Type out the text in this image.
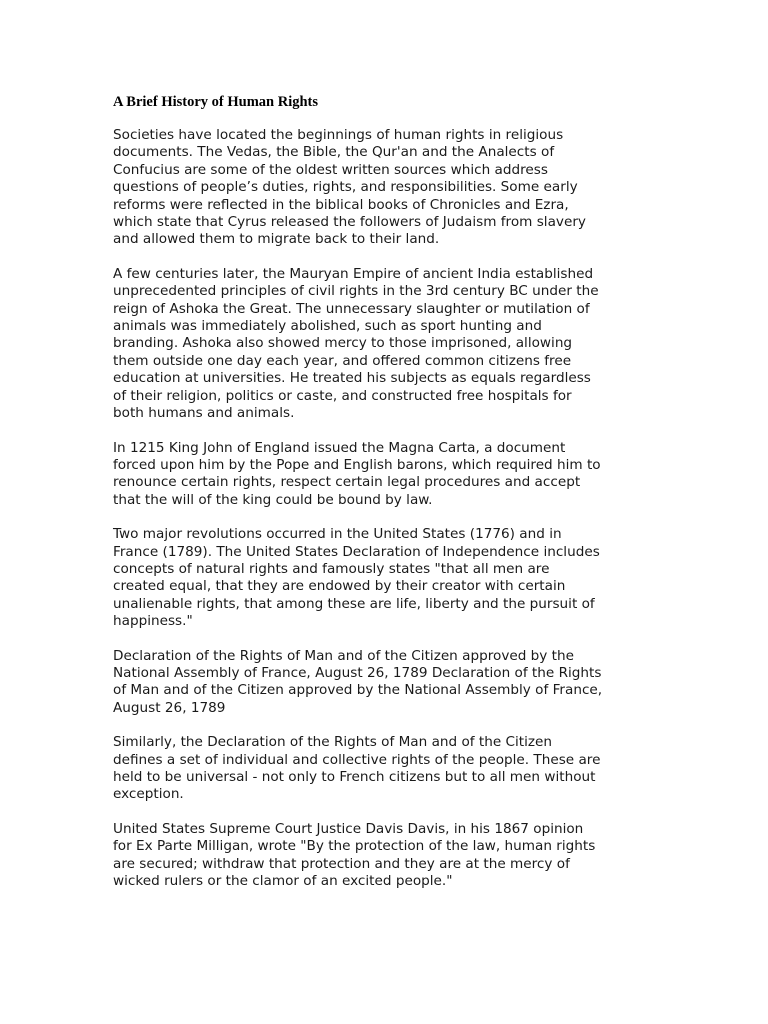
A Brief History of Human Rights

Societies have located the beginnings of human rights in religious
documents. The Vedas, the Bible, the Qur'an and the Analects of
Confucius are some of the oldest written sources which address
questions of people’s duties, rights, and responsibilities. Some early
reforms were reflected in the biblical books of Chronicles and Ezra,
which state that Cyrus released the followers of Judaism from slavery
and allowed them to migrate back to their land.

A few centuries later, the Mauryan Empire of ancient India established
unprecedented principles of civil rights in the 3rd century BC under the
reign of Ashoka the Great. The unnecessary slaughter or mutilation of
animals was immediately abolished, such as sport hunting and
branding. Ashoka also showed mercy to those imprisoned, allowing
them outside one day each year, and offered common citizens free
education at universities. He treated his subjects as equals regardless
of their religion, politics or caste, and constructed free hospitals for
both humans and animals.

In 1215 King John of England issued the Magna Carta, a document
forced upon him by the Pope and English barons, which required him to
renounce certain rights, respect certain legal procedures and accept
that the will of the king could be bound by law.

Two major revolutions occurred in the United States (1776) and in
France (1789). The United States Declaration of Independence includes
concepts of natural rights and famously states "that all men are
created equal, that they are endowed by their creator with certain
unalienable rights, that among these are life, liberty and the pursuit of
happiness."

Declaration of the Rights of Man and of the Citizen approved by the
National Assembly of France, August 26, 1789 Declaration of the Rights
of Man and of the Citizen approved by the National Assembly of France,
August 26, 1789

Similarly, the Declaration of the Rights of Man and of the Citizen
defines a set of individual and collective rights of the people. These are
held to be universal - not only to French citizens but to all men without
exception.

United States Supreme Court Justice Davis Davis, in his 1867 opinion
for Ex Parte Milligan, wrote "By the protection of the law, human rights
are secured; withdraw that protection and they are at the mercy of
wicked rulers or the clamor of an excited people."
